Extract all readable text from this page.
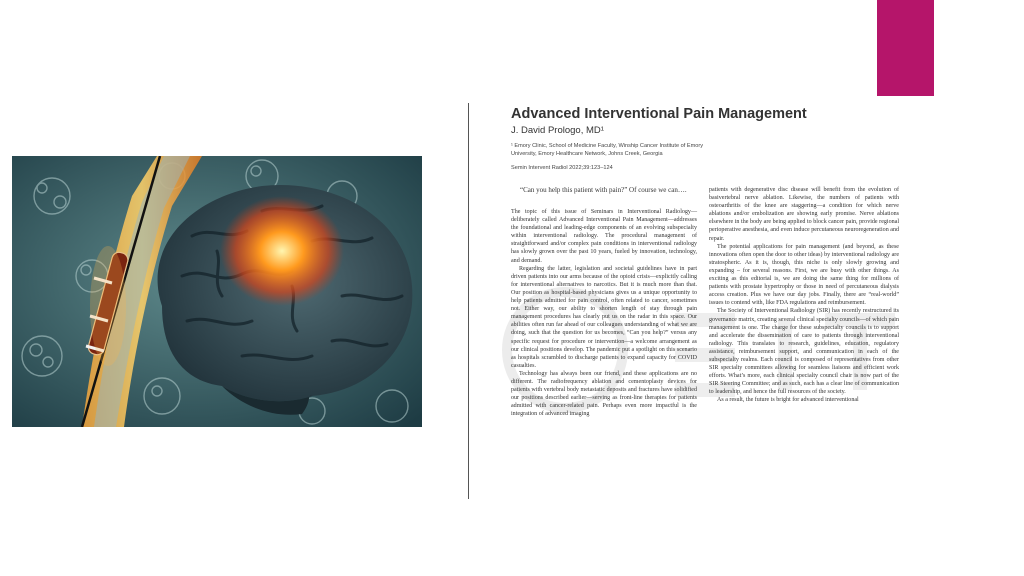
Advanced Interventional Pain Management
J. David Prologo, MD¹
¹ Emory Clinic, School of Medicine Faculty, Winship Cancer Institute of Emory University, Emory Healthcare Network, Johns Creek, Georgia
Semin Intervent Radiol 2022;39:123–124
“Can you help this patient with pain?” Of course we can….

The topic of this issue of Seminars in Interventional Radiology—deliberately called Advanced Interventional Pain Management—addresses the foundational and leading-edge components of an evolving subspecialty within interventional radiology. The procedural management of straightforward and/or complex pain conditions in interventional radiology has slowly grown over the past 10 years, fueled by innovation, technology, and demand.

Regarding the latter, legislation and societal guidelines have in part driven patients into our arms because of the opioid crisis—explicitly calling for interventional alternatives to narcotics. But it is much more than that. Our position as hospital-based physicians gives us a unique opportunity to help patients admitted for pain control, often related to cancer, sometimes not. Either way, our ability to shorten length of stay through pain management procedures has clearly put us on the radar in this space. Our abilities often run far ahead of our colleagues understanding of what we are doing, such that the question for us becomes, “Can you help?” versus any specific request for procedure or intervention—a welcome arrangement as our clinical positions develop. The pandemic put a spotlight on this scenario as hospitals scrambled to discharge patients to expand capacity for COVID casualties.

Technology has always been our friend, and these applications are no different. The radiofrequency ablation and cementoplasty devices for patients with vertebral body metastatic deposits and fractures have solidified our positions described earlier—serving as front-line therapies for patients admitted with cancer-related pain. Perhaps even more impactful is the integration of advanced imaging

patients with degenerative disc disease will benefit from the evolution of basivertebral nerve ablation. Likewise, the numbers of patients with osteoarthritis of the knee are staggering—a condition for which nerve ablations and/or embolization are showing early promise. Nerve ablations elsewhere in the body are being applied to block cancer pain, provide regional perioperative anesthesia, and even induce percutaneous neuroregeneration and repair.

The potential applications for pain management (and beyond, as these innovations often open the door to other ideas) by interventional radiology are stratospheric. As it is, though, this niche is only slowly growing and expanding – for several reasons. First, we are busy with other things. As exciting as this editorial is, we are doing the same thing for millions of patients with prostate hypertrophy or those in need of percutaneous dialysis access creation. Plus we have our day jobs. Finally, there are “real-world” issues to contend with, like FDA regulations and reimbursement.

The Society of Interventional Radiology (SIR) has recently restructured its governance matrix, creating several clinical specialty councils—of which pain management is one. The charge for these subspecialty councils is to support and accelerate the dissemination of care to patients through interventional radiology. This translates to research, guidelines, education, regulatory assistance, reimbursement support, and communication in each of the subspecialty realms. Each council is composed of representatives from other SIR specialty committees allowing for seamless liaisons and efficient work efforts. What’s more, each clinical specialty council chair is now part of the SIR Steering Committee; and as such, each has a clear line of communication to leadership, and hence the full resources of the society.

As a result, the future is bright for advanced interventional
